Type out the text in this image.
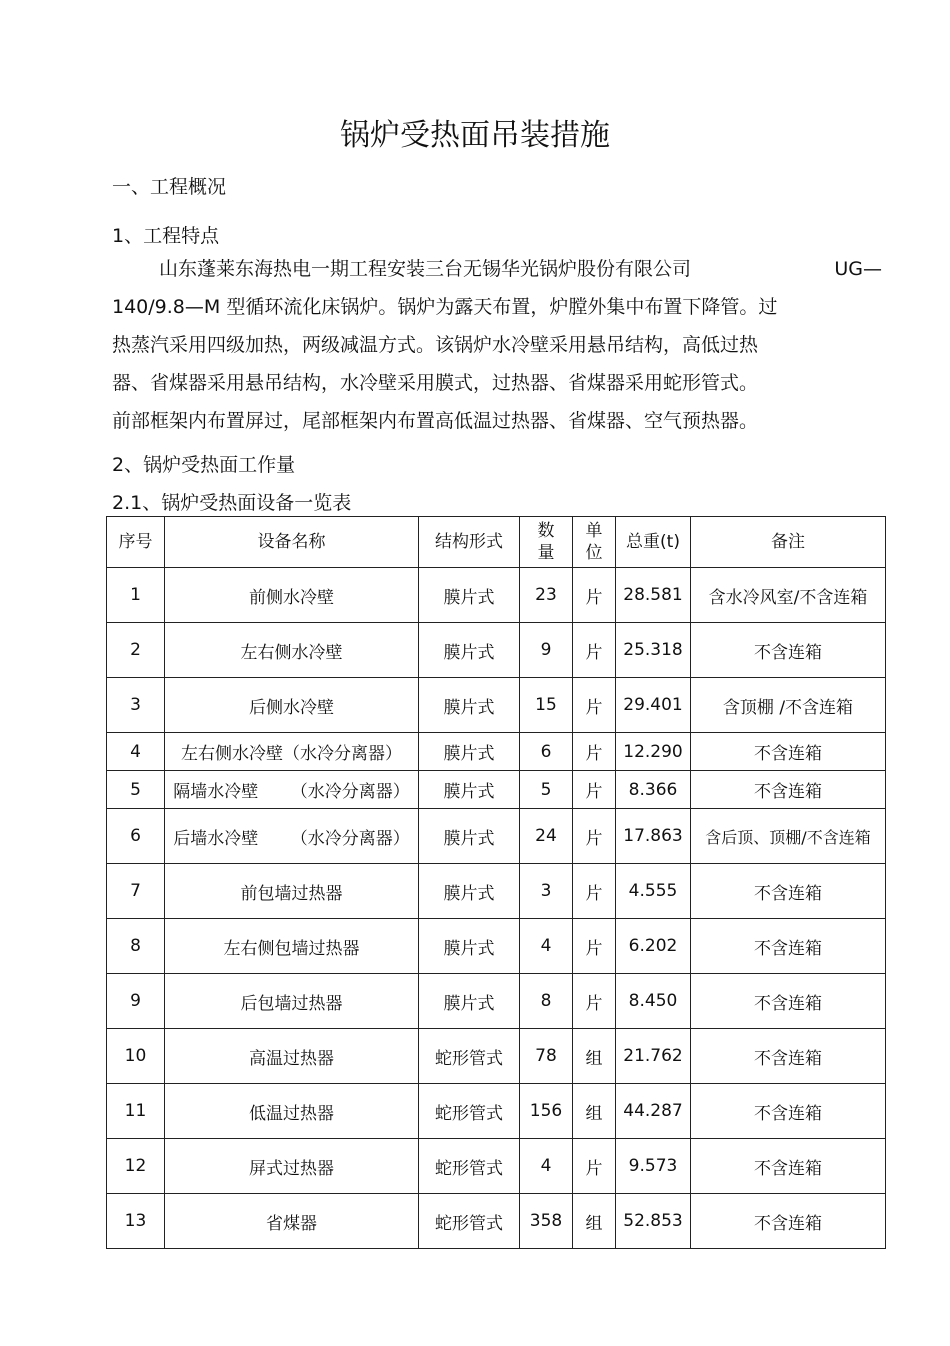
锅炉受热面吊装措施
一、工程概况
1、工程特点
山东蓬莱东海热电一期工程安装三台无锡华光锅炉股份有限公司	UG—
140/9.8—M 型循环流化床锅炉。锅炉为露天布置，炉膛外集中布置下降管。过
热蒸汽采用四级加热，两级减温方式。该锅炉水冷壁采用悬吊结构，高低过热
器、省煤器采用悬吊结构，水冷壁采用膜式，过热器、省煤器采用蛇形管式。
前部框架内布置屏过，尾部框架内布置高低温过热器、省煤器、空气预热器。
2、锅炉受热面工作量
2.1、锅炉受热面设备一览表
序号	设备名称	结构形式	数量	单位	总重(t)	备注
1	前侧水冷壁	膜片式	23	片	28.581	含水冷风室/不含连箱
2	左右侧水冷壁	膜片式	9	片	25.318	不含连箱
3	后侧水冷壁	膜片式	15	片	29.401	含顶棚 /不含连箱
4	左右侧水冷壁（水冷分离器）	膜片式	6	片	12.290	不含连箱
5	隔墙水冷壁      （水冷分离器）	膜片式	5	片	8.366	不含连箱
6	后墙水冷壁      （水冷分离器）	膜片式	24	片	17.863	含后顶、顶棚/不含连箱
7	前包墙过热器	膜片式	3	片	4.555	不含连箱
8	左右侧包墙过热器	膜片式	4	片	6.202	不含连箱
9	后包墙过热器	膜片式	8	片	8.450	不含连箱
10	高温过热器	蛇形管式	78	组	21.762	不含连箱
11	低温过热器	蛇形管式	156	组	44.287	不含连箱
12	屏式过热器	蛇形管式	4	片	9.573	不含连箱
13	省煤器	蛇形管式	358	组	52.853	不含连箱
